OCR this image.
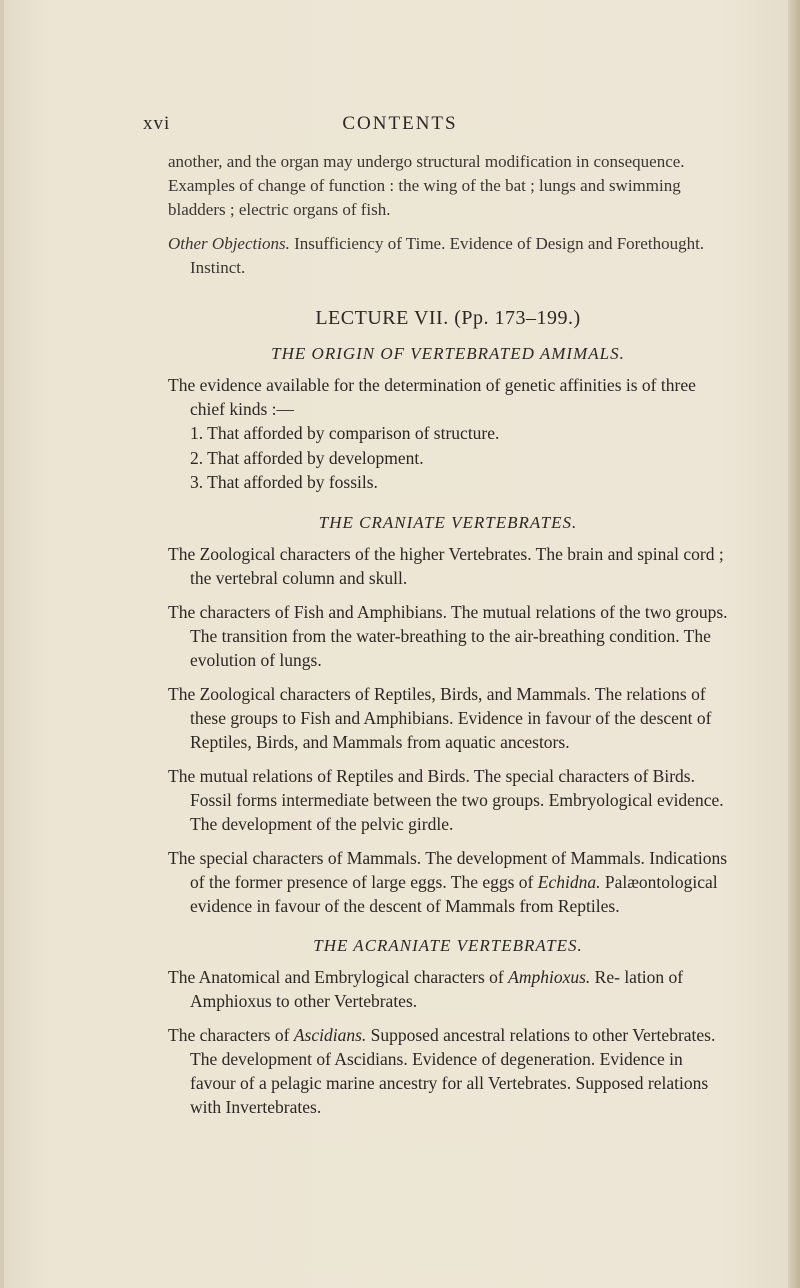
xvi	CONTENTS

another, and the organ may undergo structural modification in consequence. Examples of change of function : the wing of the bat ; lungs and swimming bladders ; electric organs of fish.

Other Objections. Insufficiency of Time. Evidence of Design and Forethought. Instinct.

LECTURE VII. (Pp. 173–199.)
THE ORIGIN OF VERTEBRATED AMIMALS.

The evidence available for the determination of genetic affinities is of three chief kinds :—

1. That afforded by comparison of structure.

2. That afforded by development.

3. That afforded by fossils.

THE CRANIATE VERTEBRATES.

The Zoological characters of the higher Vertebrates. The brain and spinal cord ; the vertebral column and skull.

The characters of Fish and Amphibians. The mutual relations of the two groups. The transition from the water-breathing to the air-breathing condition. The evolution of lungs.

The Zoological characters of Reptiles, Birds, and Mammals. The relations of these groups to Fish and Amphibians. Evidence in favour of the descent of Reptiles, Birds, and Mammals from aquatic ancestors.

The mutual relations of Reptiles and Birds. The special characters of Birds. Fossil forms intermediate between the two groups. Embryological evidence. The development of the pelvic girdle.

The special characters of Mammals. The development of Mammals. Indications of the former presence of large eggs. The eggs of Echidna. Palæontological evidence in favour of the descent of Mammals from Reptiles.

THE ACRANIATE VERTEBRATES.

The Anatomical and Embrylogical characters of Amphioxus. Re- lation of Amphioxus to other Vertebrates.

The characters of Ascidians. Supposed ancestral relations to other Vertebrates. The development of Ascidians. Evidence of degeneration. Evidence in favour of a pelagic marine ancestry for all Vertebrates. Supposed relations with Invertebrates.
